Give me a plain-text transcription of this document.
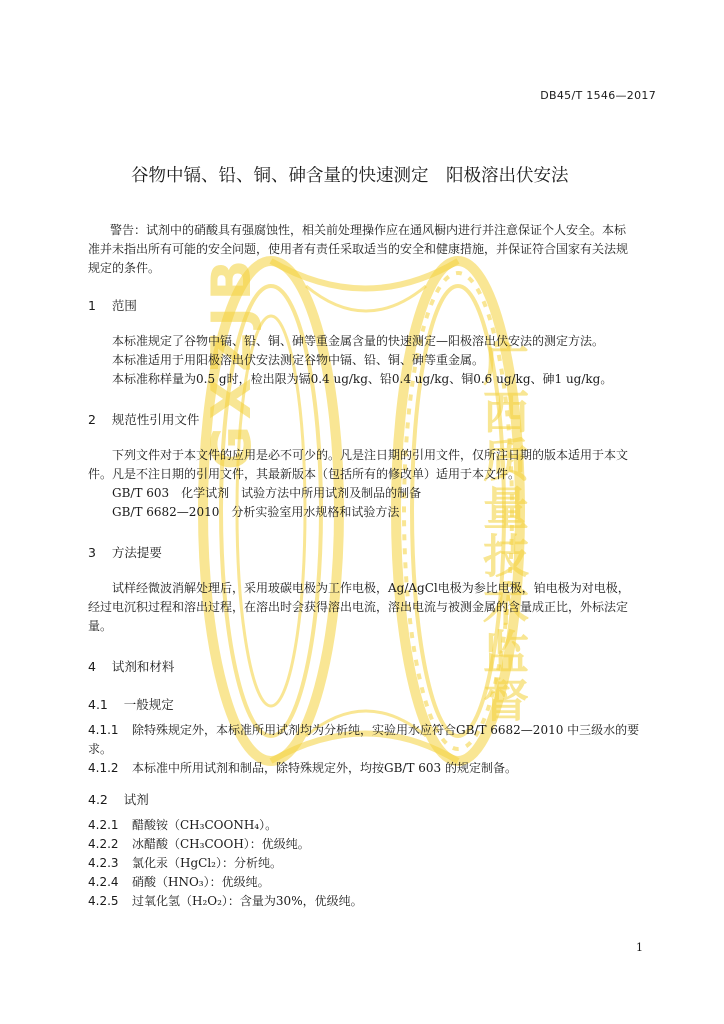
GXZJB	广西质量技术监督
DB45/T 1546—2017
谷物中镉、铅、铜、砷含量的快速测定　阳极溶出伏安法
警告：试剂中的硝酸具有强腐蚀性，相关前处理操作应在通风橱内进行并注意保证个人安全。本标
准并未指出所有可能的安全问题，使用者有责任采取适当的安全和健康措施，并保证符合国家有关法规
规定的条件。
1 范围
本标准规定了谷物中镉、铅、铜、砷等重金属含量的快速测定—阳极溶出伏安法的测定方法。
本标准适用于用阳极溶出伏安法测定谷物中镉、铅、铜、砷等重金属。
本标准称样量为0.5 g时，检出限为镉0.4 ug/kg、铅0.4 ug/kg、铜0.6 ug/kg、砷1 ug/kg。
2 规范性引用文件
下列文件对于本文件的应用是必不可少的。凡是注日期的引用文件，仅所注日期的版本适用于本文
件。凡是不注日期的引用文件，其最新版本（包括所有的修改单）适用于本文件。
GB/T 603　化学试剂　试验方法中所用试剂及制品的制备
GB/T 6682—2010　分析实验室用水规格和试验方法
3 方法提要
试样经微波消解处理后，采用玻碳电极为工作电极，Ag/AgCl电极为参比电极，铂电极为对电极，
经过电沉积过程和溶出过程，在溶出时会获得溶出电流，溶出电流与被测金属的含量成正比，外标法定
量。
4 试剂和材料
4.1 一般规定
4.1.1 除特殊规定外，本标准所用试剂均为分析纯，实验用水应符合GB/T 6682—2010 中三级水的要
求。
4.1.2 本标准中所用试剂和制品，除特殊规定外，均按GB/T 603 的规定制备。
4.2 试剂
4.2.1 醋酸铵（CH₃COONH₄）。
4.2.2 冰醋酸（CH₃COOH）：优级纯。
4.2.3 氯化汞（HgCl₂）：分析纯。
4.2.4 硝酸（HNO₃）：优级纯。
4.2.5 过氧化氢（H₂O₂）：含量为30%，优级纯。
1
